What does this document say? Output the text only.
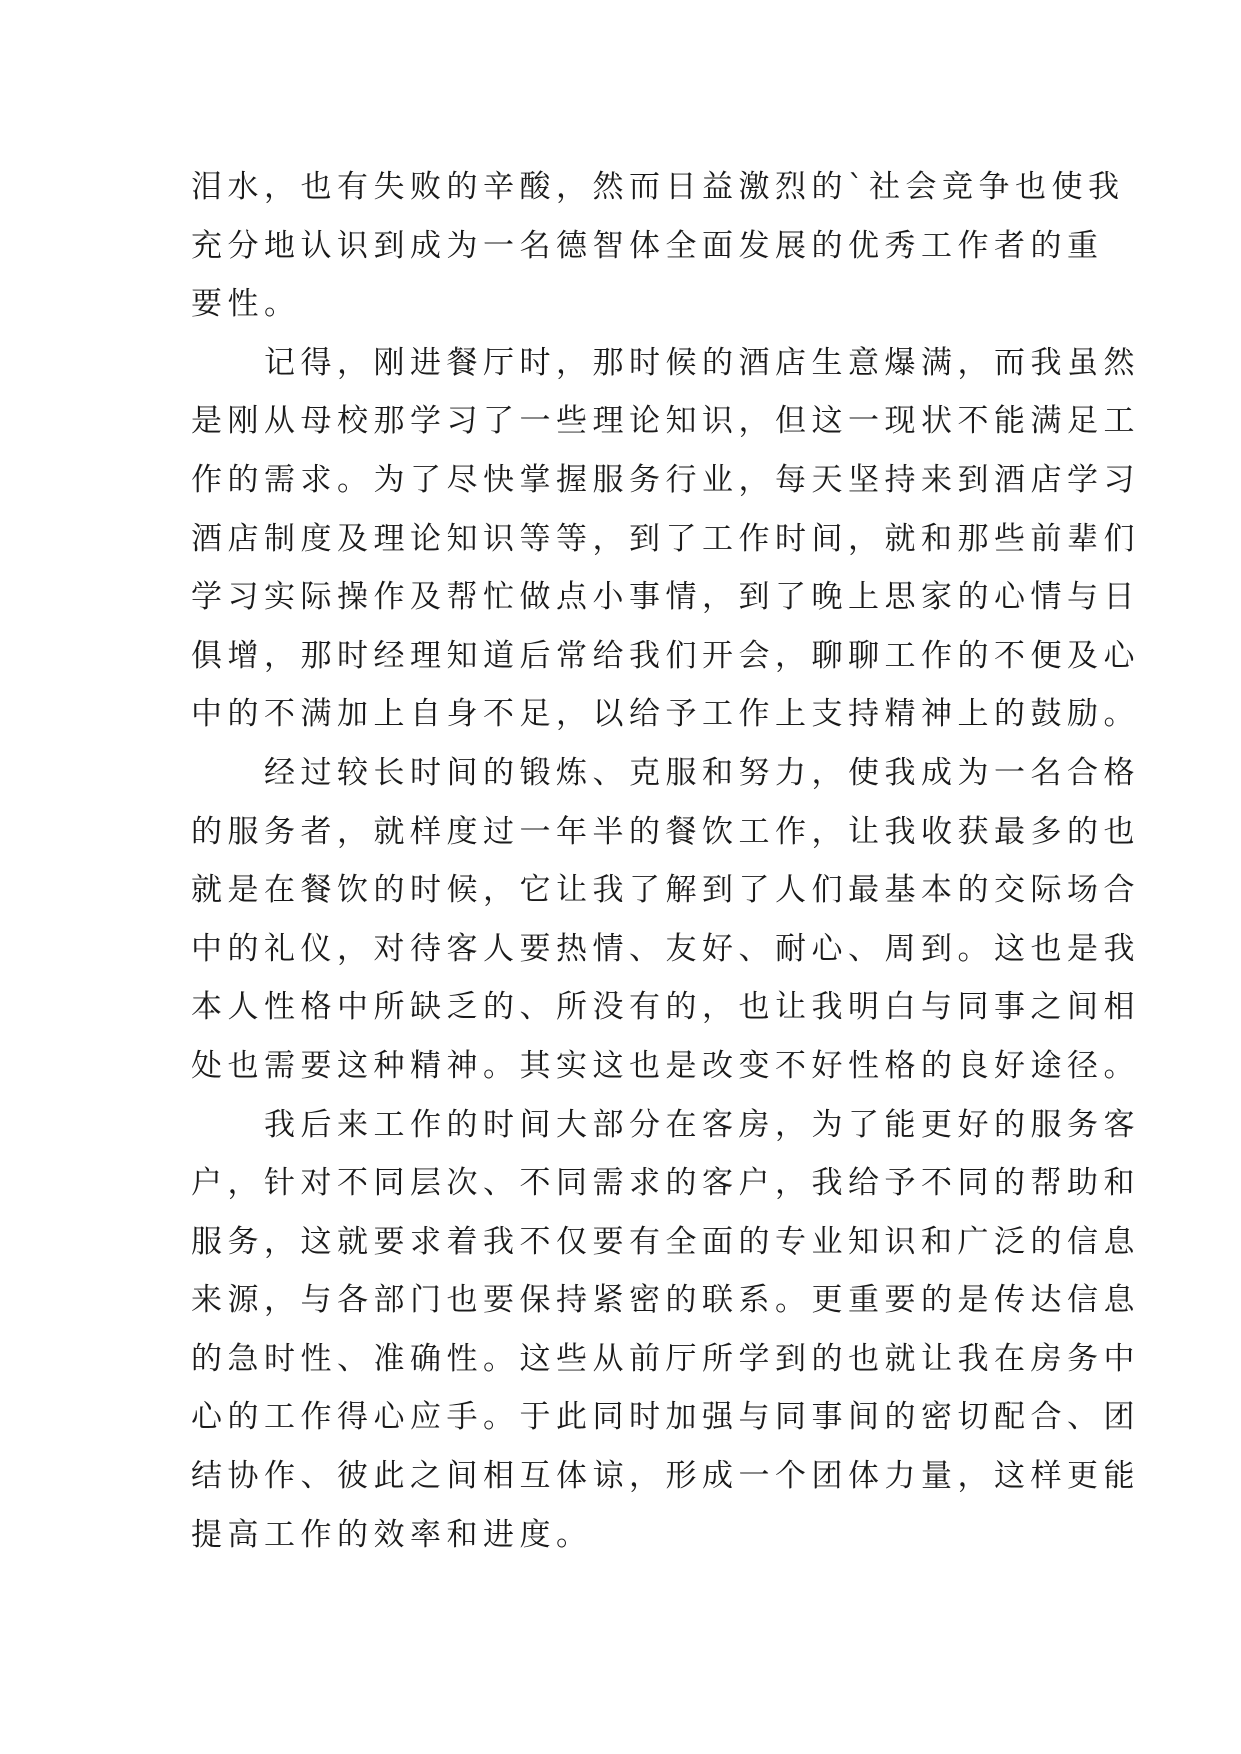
泪水，也有失败的辛酸，然而日益激烈的`社会竞争也使我

充分地认识到成为一名德智体全面发展的优秀工作者的重

要性。

记得，刚进餐厅时，那时候的酒店生意爆满，而我虽然

是刚从母校那学习了一些理论知识，但这一现状不能满足工

作的需求。为了尽快掌握服务行业，每天坚持来到酒店学习

酒店制度及理论知识等等，到了工作时间，就和那些前辈们

学习实际操作及帮忙做点小事情，到了晚上思家的心情与日

俱增，那时经理知道后常给我们开会，聊聊工作的不便及心

中的不满加上自身不足，以给予工作上支持精神上的鼓励。

经过较长时间的锻炼、克服和努力，使我成为一名合格

的服务者，就样度过一年半的餐饮工作，让我收获最多的也

就是在餐饮的时候，它让我了解到了人们最基本的交际场合

中的礼仪，对待客人要热情、友好、耐心、周到。这也是我

本人性格中所缺乏的、所没有的，也让我明白与同事之间相

处也需要这种精神。其实这也是改变不好性格的良好途径。

我后来工作的时间大部分在客房，为了能更好的服务客

户，针对不同层次、不同需求的客户，我给予不同的帮助和

服务，这就要求着我不仅要有全面的专业知识和广泛的信息

来源，与各部门也要保持紧密的联系。更重要的是传达信息

的急时性、准确性。这些从前厅所学到的也就让我在房务中

心的工作得心应手。于此同时加强与同事间的密切配合、团

结协作、彼此之间相互体谅，形成一个团体力量，这样更能

提高工作的效率和进度。
